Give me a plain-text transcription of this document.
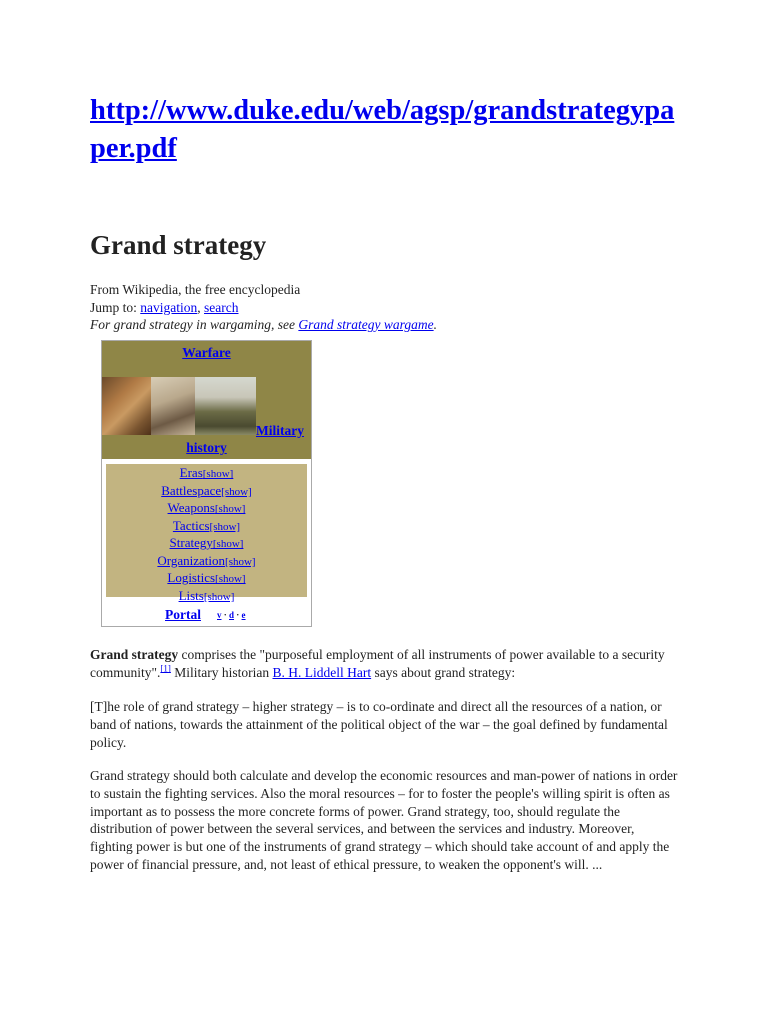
http://www.duke.edu/web/agsp/grandstrategypaper.pdf
Grand strategy
From Wikipedia, the free encyclopedia
Jump to: navigation, search
For grand strategy in wargaming, see Grand strategy wargame.
Warfare
Military
history
Eras[show]
Battlespace[show]
Weapons[show]
Tactics[show]
Strategy[show]
Organization[show]
Logistics[show]
Lists[show]
Portal v · d · e

Grand strategy comprises the "purposeful employment of all instruments of power available to a security community".[1] Military historian B. H. Liddell Hart says about grand strategy:

[T]he role of grand strategy – higher strategy – is to co-ordinate and direct all the resources of a nation, or band of nations, towards the attainment of the political object of the war – the goal defined by fundamental policy.

Grand strategy should both calculate and develop the economic resources and man-power of nations in order to sustain the fighting services. Also the moral resources – for to foster the people's willing spirit is often as important as to possess the more concrete forms of power. Grand strategy, too, should regulate the distribution of power between the several services, and between the services and industry. Moreover, fighting power is but one of the instruments of grand strategy – which should take account of and apply the power of financial pressure, and, not least of ethical pressure, to weaken the opponent's will. ...
